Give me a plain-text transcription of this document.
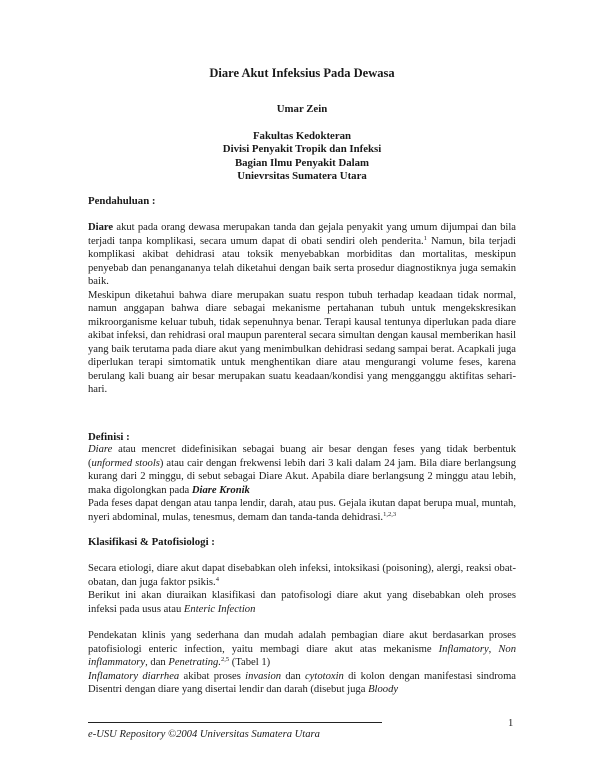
Diare Akut Infeksius Pada Dewasa
Umar Zein
Fakultas Kedokteran
Divisi Penyakit Tropik dan Infeksi
Bagian Ilmu Penyakit Dalam
Unievrsitas Sumatera Utara
Pendahuluan :

Diare akut pada orang dewasa merupakan tanda dan gejala penyakit yang umum dijumpai dan bila terjadi tanpa komplikasi, secara umum dapat di obati sendiri oleh penderita.$^1$ Namun, bila terjadi komplikasi akibat dehidrasi atau toksik menyebabkan morbiditas dan mortalitas, meskipun penyebab dan penangananya telah diketahui dengan baik serta prosedur diagnostiknya juga semakin baik.

Meskipun diketahui bahwa diare merupakan suatu respon tubuh terhadap keadaan tidak normal, namun anggapan bahwa diare sebagai mekanisme pertahanan tubuh untuk mengekskresikan mikroorganisme keluar tubuh, tidak sepenuhnya benar. Terapi kausal tentunya diperlukan pada diare akibat infeksi, dan rehidrasi oral maupun parenteral secara simultan dengan kausal memberikan hasil yang baik terutama pada diare akut yang menimbulkan dehidrasi sedang sampai berat. Acapkali juga diperlukan terapi simtomatik untuk menghentikan diare atau mengurangi volume feses, karena berulang kali buang air besar merupakan suatu keadaan/kondisi yang mengganggu aktifitas sehari-hari.

Definisi :

Diare atau mencret didefinisikan sebagai buang air besar dengan feses yang tidak berbentuk (unformed stools) atau cair dengan frekwensi lebih dari 3 kali dalam 24 jam. Bila diare berlangsung kurang dari 2 minggu, di sebut sebagai Diare Akut. Apabila diare berlangsung 2 minggu atau lebih, maka digolongkan pada Diare Kronik

Pada feses dapat dengan atau tanpa lendir, darah, atau pus. Gejala ikutan dapat berupa mual, muntah, nyeri abdominal, mulas, tenesmus, demam dan tanda-tanda dehidrasi.$^{1,2,3}$

Klasifikasi & Patofisiologi :

Secara etiologi, diare akut dapat disebabkan oleh infeksi, intoksikasi (poisoning), alergi, reaksi obat-obatan, dan juga faktor psikis.$^4$

Berikut ini akan diuraikan klasifikasi dan patofisologi diare akut yang disebabkan oleh proses infeksi pada usus atau Enteric Infection

Pendekatan klinis yang sederhana dan mudah adalah pembagian diare akut berdasarkan proses patofisiologi enteric infection, yaitu membagi diare akut atas mekanisme Inflamatory, Non inflammatory, dan Penetrating.$^{2,5}$ (Tabel 1)

Inflamatory diarrhea akibat proses invasion dan cytotoxin di kolon dengan manifestasi sindroma Disentri dengan diare yang disertai lendir dan darah (disebut juga Bloody

1
e-USU Repository ©2004 Universitas Sumatera Utara
